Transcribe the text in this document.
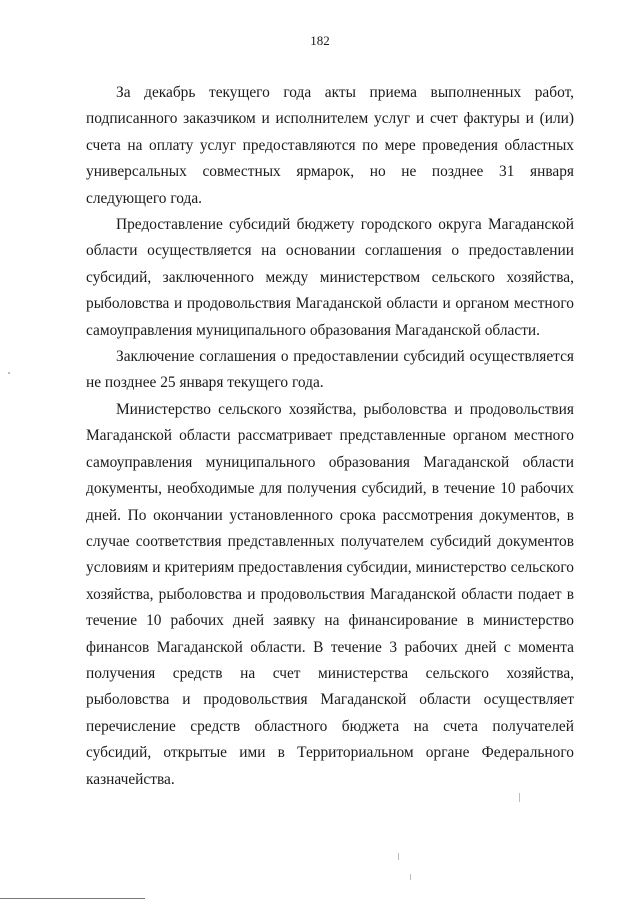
182

За декабрь текущего года акты приема выполненных работ, подписанного заказчиком и исполнителем услуг и счет фактуры и (или) счета на оплату услуг предоставляются по мере проведения областных универсальных совместных ярмарок, но не позднее 31 января следующего года.

Предоставление субсидий бюджету городского округа Магаданской области осуществляется на основании соглашения о предоставлении субсидий, заключенного между министерством сельского хозяйства, рыболовства и продовольствия Магаданской области и органом местного самоуправления муниципального образования Магаданской области.

Заключение соглашения о предоставлении субсидий осуществляется не позднее 25 января текущего года.

Министерство сельского хозяйства, рыболовства и продовольствия Магаданской области рассматривает представленные органом местного самоуправления муниципального образования Магаданской области документы, необходимые для получения субсидий, в течение 10 рабочих дней. По окончании установленного срока рассмотрения документов, в случае соответствия представленных получателем субсидий документов условиям и критериям предоставления субсидии, министерство сельского хозяйства, рыболовства и продовольствия Магаданской области подает в течение 10 рабочих дней заявку на финансирование в министерство финансов Магаданской области. В течение 3 рабочих дней с момента получения средств на счет министерства сельского хозяйства, рыболовства и продовольствия Магаданской области осуществляет перечисление средств областного бюджета на счета получателей субсидий, открытые ими в Территориальном органе Федерального казначейства.
